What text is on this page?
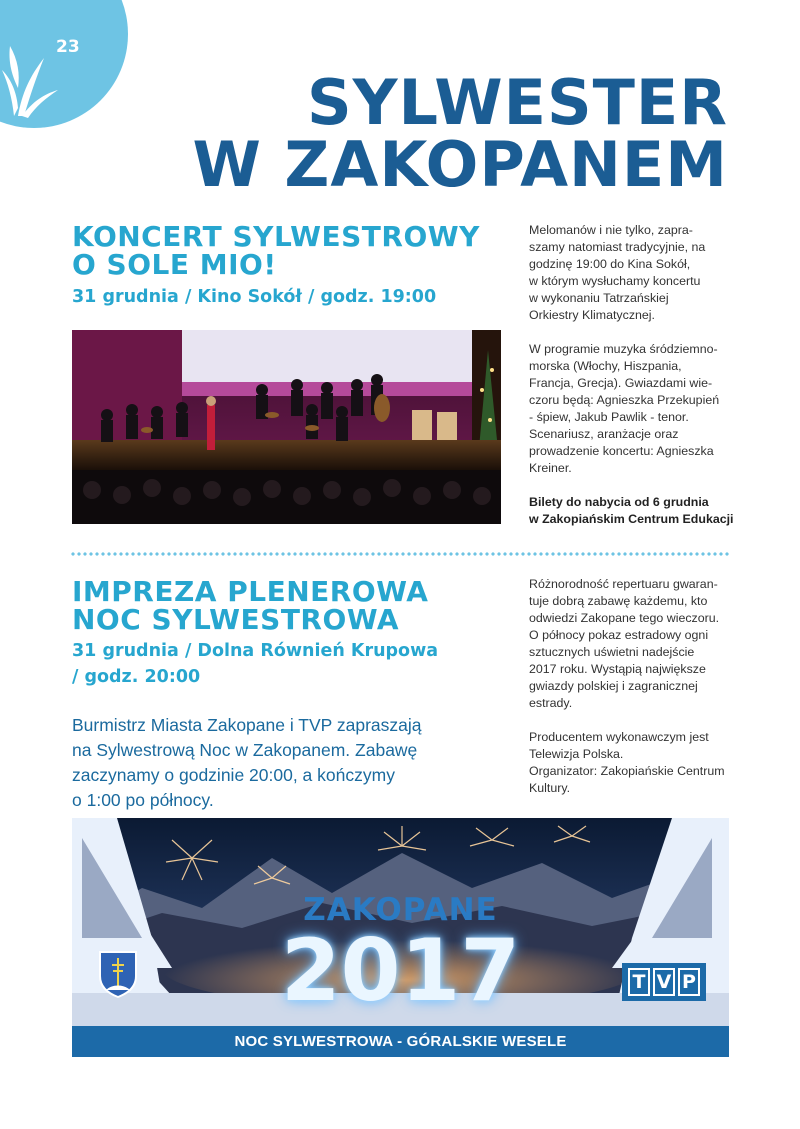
23
SYLWESTER
W ZAKOPANEM
KONCERT SYLWESTROWY
O SOLE MIO!
31 grudnia / Kino Sokół / godz. 19:00

Melomanów i nie tylko, zapra-
szamy natomiast tradycyjnie, na
godzinę 19:00 do Kina Sokół,
w którym wysłuchamy koncertu
w wykonaniu Tatrzańskiej
Orkiestry Klimatycznej.

W programie muzyka śródziemno-
morska (Włochy, Hiszpania,
Francja, Grecja). Gwiazdami wie-
czoru będą: Agnieszka Przekupień
- śpiew, Jakub Pawlik - tenor.
Scenariusz, aranżacje oraz
prowadzenie koncertu: Agnieszka
Kreiner.

Bilety do nabycia od 6 grudnia
w Zakopiańskim Centrum Edukacji

IMPREZA PLENEROWA
NOC SYLWESTROWA
31 grudnia / Dolna Równień Krupowa
/ godz. 20:00
Burmistrz Miasta Zakopane i TVP zapraszają
na Sylwestrową Noc w Zakopanem. Zabawę
zaczynamy o godzinie 20:00, a kończymy
o 1:00 po północy.

Różnorodność repertuaru gwaran-
tuje dobrą zabawę każdemu, kto
odwiedzi Zakopane tego wieczoru.
O północy pokaz estradowy ogni
sztucznych uświetni nadejście
2017 roku. Wystąpią największe
gwiazdy polskiej i zagranicznej
estrady.

Producentem wykonawczym jest
Telewizja Polska.
Organizator: Zakopiańskie Centrum
Kultury.

ZAKOPANE
2017	T V P
NOC SYLWESTROWA - GÓRALSKIE WESELE
